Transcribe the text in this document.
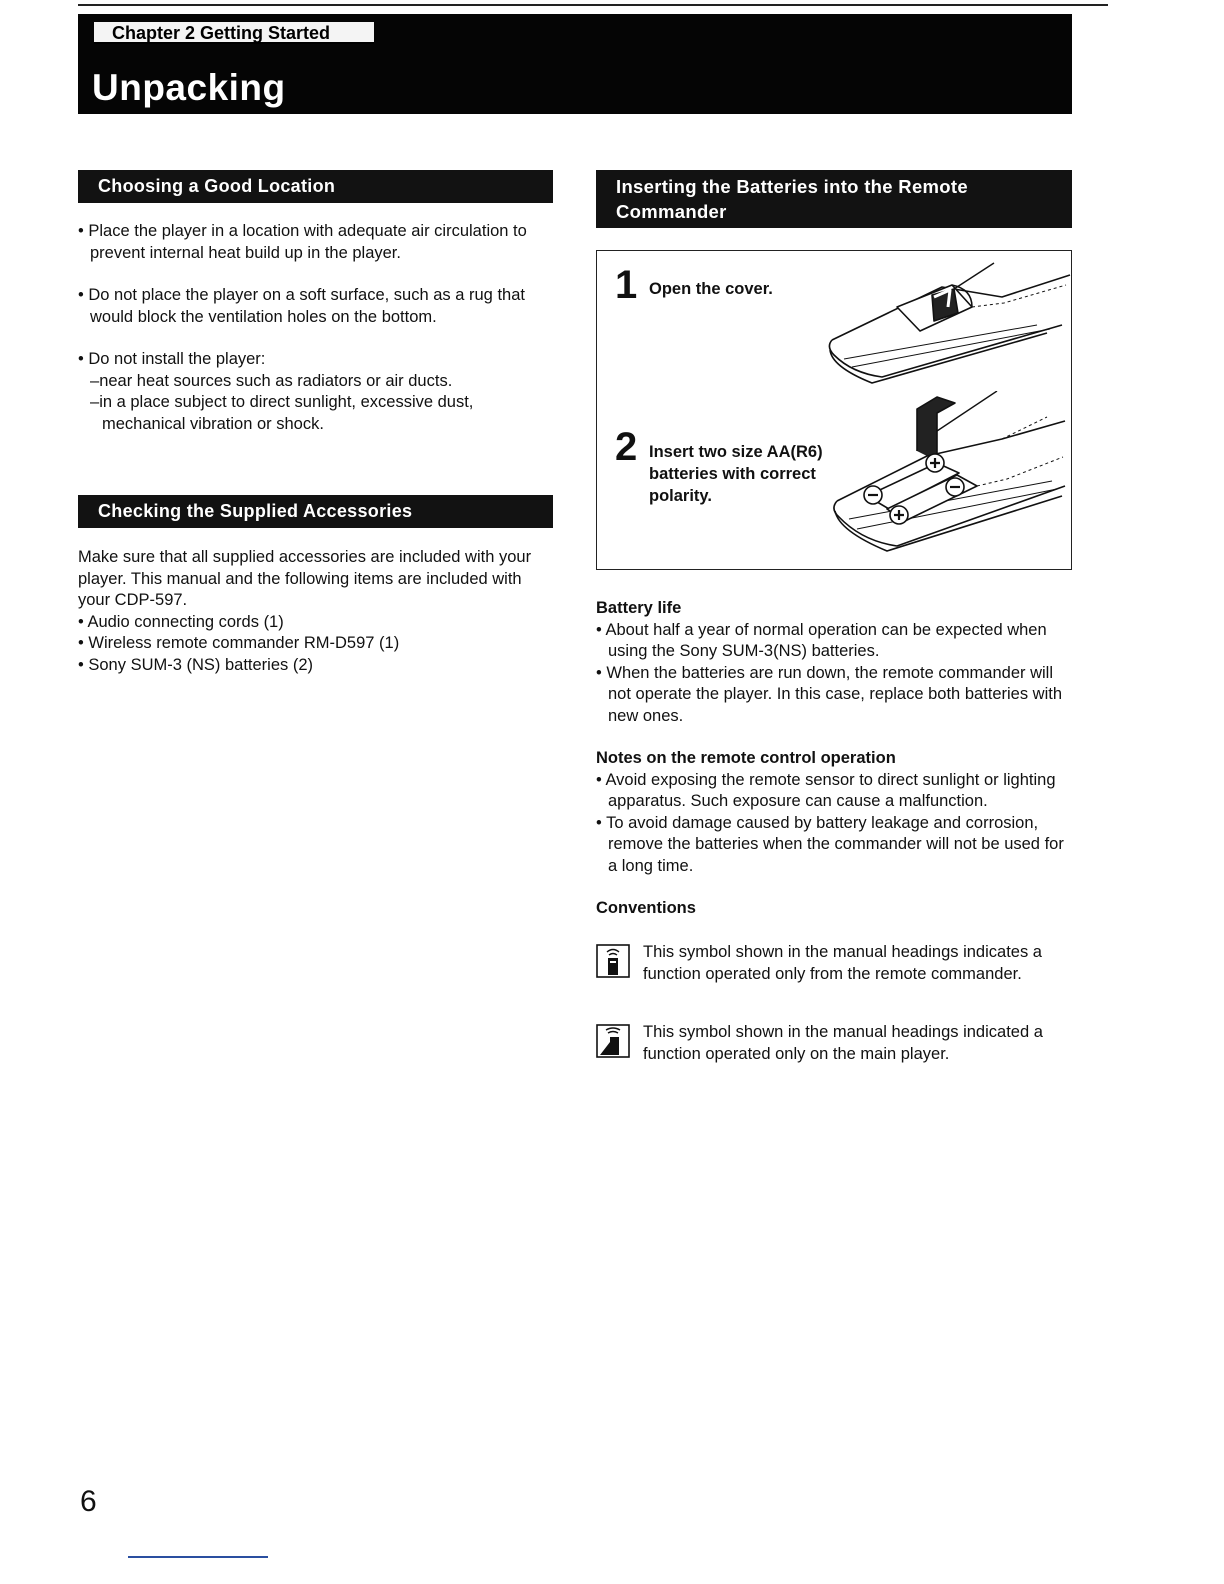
Chapter 2 Getting Started
Unpacking
Choosing a Good Location
• Place the player in a location with adequate air circulation to prevent internal heat build up in the player.
• Do not place the player on a soft surface, such as a rug that would block the ventilation holes on the bottom.
• Do not install the player:
–near heat sources such as radiators or air ducts.
–in a place subject to direct sunlight, excessive dust, mechanical vibration or shock.
Checking the Supplied Accessories
Make sure that all supplied accessories are included with your player. This manual and the following items are included with your CDP-597.
• Audio connecting cords (1)
• Wireless remote commander RM-D597 (1)
• Sony SUM-3 (NS) batteries (2)
Inserting the Batteries into the Remote Commander
1 Open the cover.
2 Insert two size AA(R6) batteries with correct polarity.
Battery life
• About half a year of normal operation can be expected when using the Sony SUM-3(NS) batteries.
• When the batteries are run down, the remote commander will not operate the player. In this case, replace both batteries with new ones.
Notes on the remote control operation
• Avoid exposing the remote sensor to direct sunlight or lighting apparatus. Such exposure can cause a malfunction.
• To avoid damage caused by battery leakage and corrosion, remove the batteries when the commander will not be used for a long time.
Conventions
This symbol shown in the manual headings indicates a function operated only from the remote commander.
This symbol shown in the manual headings indicated a function operated only on the main player.
6
